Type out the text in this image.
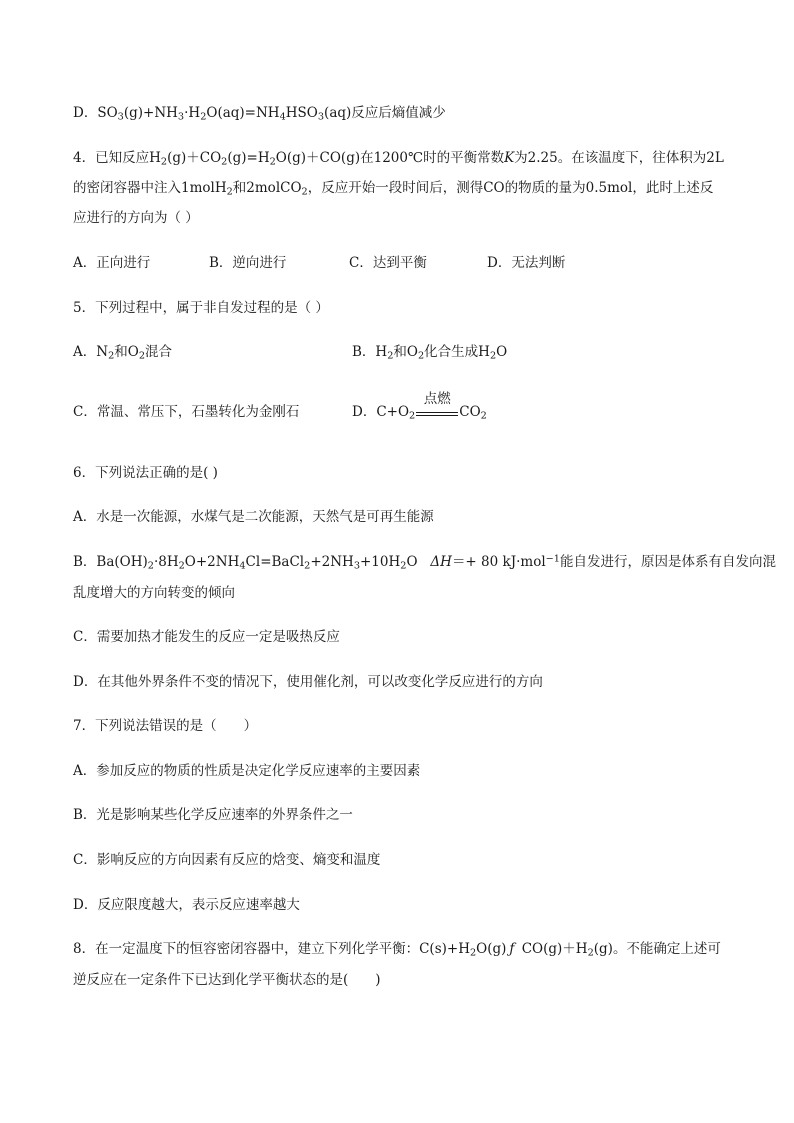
D．$SO_3(g)+NH_3\cdot H_2O(aq)=NH_4HSO_3(aq)$反应后熵值减少
4．已知反应$H_2(g)+CO_2(g)=H_2O(g)+CO(g)$在1200℃时的平衡常数K为2.25。在该温度下，往体积为2L
的密闭容器中注入1molH$_2$和2molCO$_2$，反应开始一段时间后，测得CO的物质的量为0.5mol，此时上述反
应进行的方向为（ ）
A．正向进行	B．逆向进行	C．达到平衡	D．无法判断
5．下列过程中，属于非自发过程的是（ ）
A．$N_2$和$O_2$混合	B．$H_2$和$O_2$化合生成$H_2O$
C．常温、常压下，石墨转化为金刚石	D．$C+O_2$
点燃
$CO_2$
6．下列说法正确的是( )
A．水是一次能源，水煤气是二次能源，天然气是可再生能源
B．$Ba(OH)_2\cdot 8H_2O+2NH_4Cl=BaCl_2+2NH_3+10H_2O$   ΔH＝+ 80 kJ·mol$^{-1}$能自发进行，原因是体系有自发向混
乱度增大的方向转变的倾向
C．需要加热才能发生的反应一定是吸热反应
D．在其他外界条件不变的情况下，使用催化剂，可以改变化学反应进行的方向
7．下列说法错误的是（　　）
A．参加反应的物质的性质是决定化学反应速率的主要因素
B．光是影响某些化学反应速率的外界条件之一
C．影响反应的方向因素有反应的焓变、熵变和温度
D．反应限度越大，表示反应速率越大
8．在一定温度下的恒容密闭容器中，建立下列化学平衡：$C(s)+H_2O(g)$ ƒ $CO(g)+H_2(g)$。不能确定上述可
逆反应在一定条件下已达到化学平衡状态的是(　　)
